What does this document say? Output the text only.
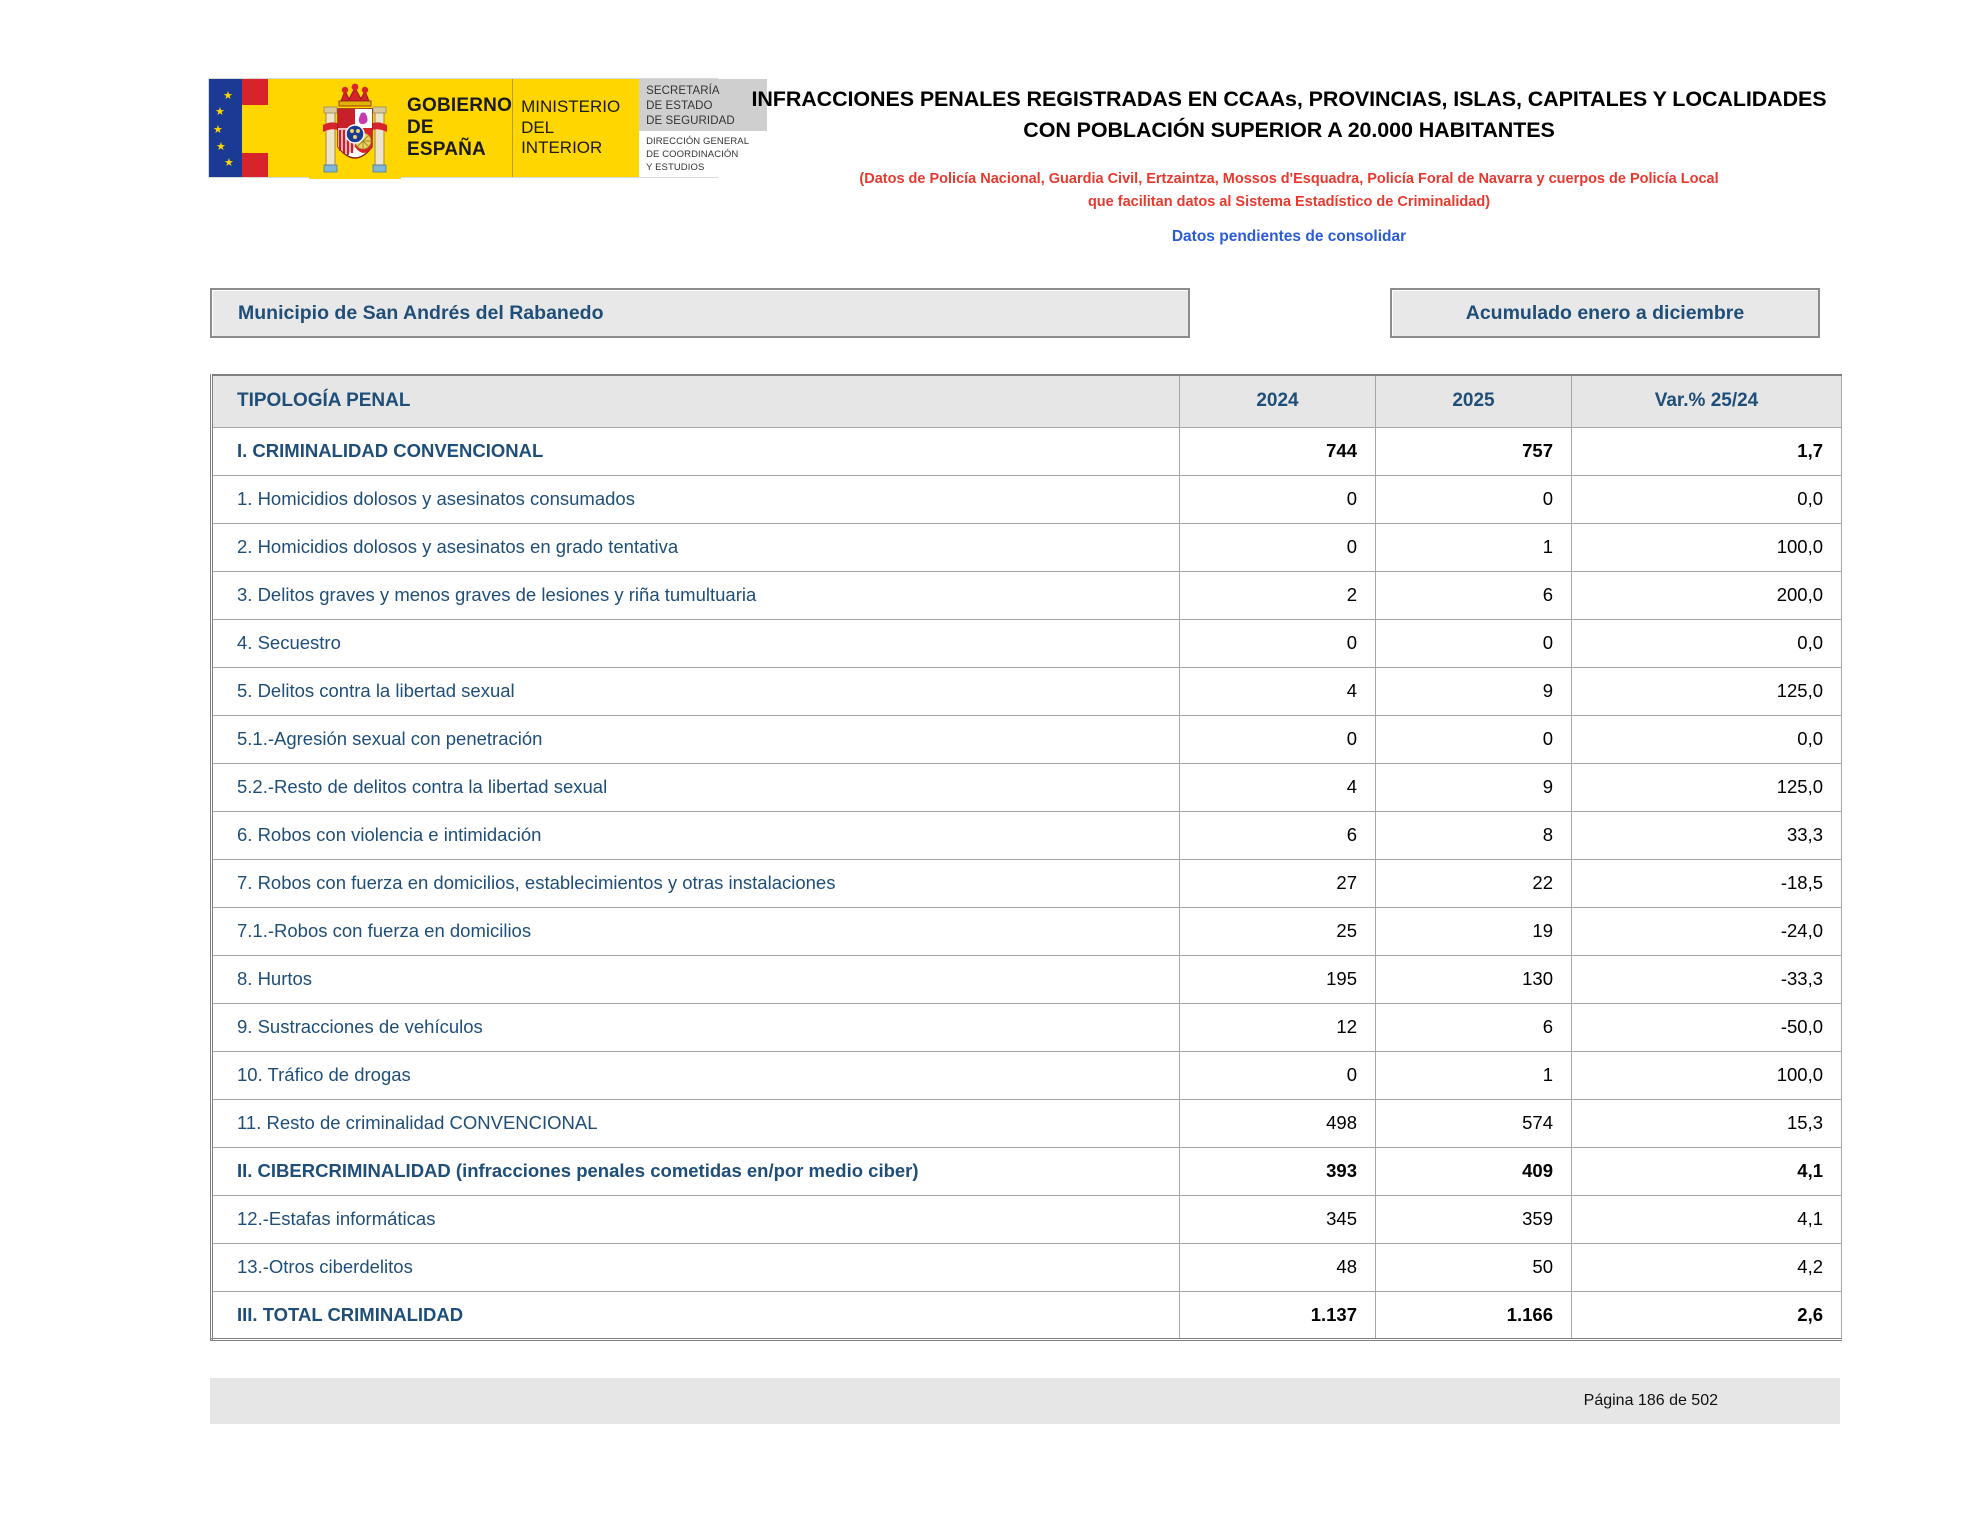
★
★
★
★
★
GOBIERNO
DE ESPAÑA
MINISTERIO
DEL INTERIOR
SECRETARÍA
DE ESTADO
DE SEGURIDAD
DIRECCIÓN GENERAL
DE COORDINACIÓN
Y ESTUDIOS
INFRACCIONES PENALES REGISTRADAS EN CCAAs, PROVINCIAS, ISLAS, CAPITALES Y LOCALIDADES
CON POBLACIÓN SUPERIOR A 20.000 HABITANTES
(Datos de Policía Nacional, Guardia Civil, Ertzaintza, Mossos d'Esquadra, Policía Foral de Navarra y cuerpos de Policía Local
que facilitan datos al Sistema Estadístico de Criminalidad)
Datos pendientes de consolidar
Municipio de San Andrés del Rabanedo	Acumulado enero a diciembre
TIPOLOGÍA PENAL	2024	2025	Var.% 25/24
I. CRIMINALIDAD CONVENCIONAL	744	757	1,7
1. Homicidios dolosos y asesinatos consumados	0	0	0,0
2. Homicidios dolosos y asesinatos en grado tentativa	0	1	100,0
3. Delitos graves y menos graves de lesiones y riña tumultuaria	2	6	200,0
4. Secuestro	0	0	0,0
5. Delitos contra la libertad sexual	4	9	125,0
5.1.-Agresión sexual con penetración	0	0	0,0
5.2.-Resto de delitos contra la libertad sexual	4	9	125,0
6. Robos con violencia e intimidación	6	8	33,3
7. Robos con fuerza en domicilios, establecimientos y otras instalaciones	27	22	-18,5
7.1.-Robos con fuerza en domicilios	25	19	-24,0
8. Hurtos	195	130	-33,3
9. Sustracciones de vehículos	12	6	-50,0
10. Tráfico de drogas	0	1	100,0
11. Resto de criminalidad CONVENCIONAL	498	574	15,3
II. CIBERCRIMINALIDAD (infracciones penales cometidas en/por medio ciber)	393	409	4,1
12.-Estafas informáticas	345	359	4,1
13.-Otros ciberdelitos	48	50	4,2
III. TOTAL CRIMINALIDAD	1.137	1.166	2,6
Página 186 de 502
